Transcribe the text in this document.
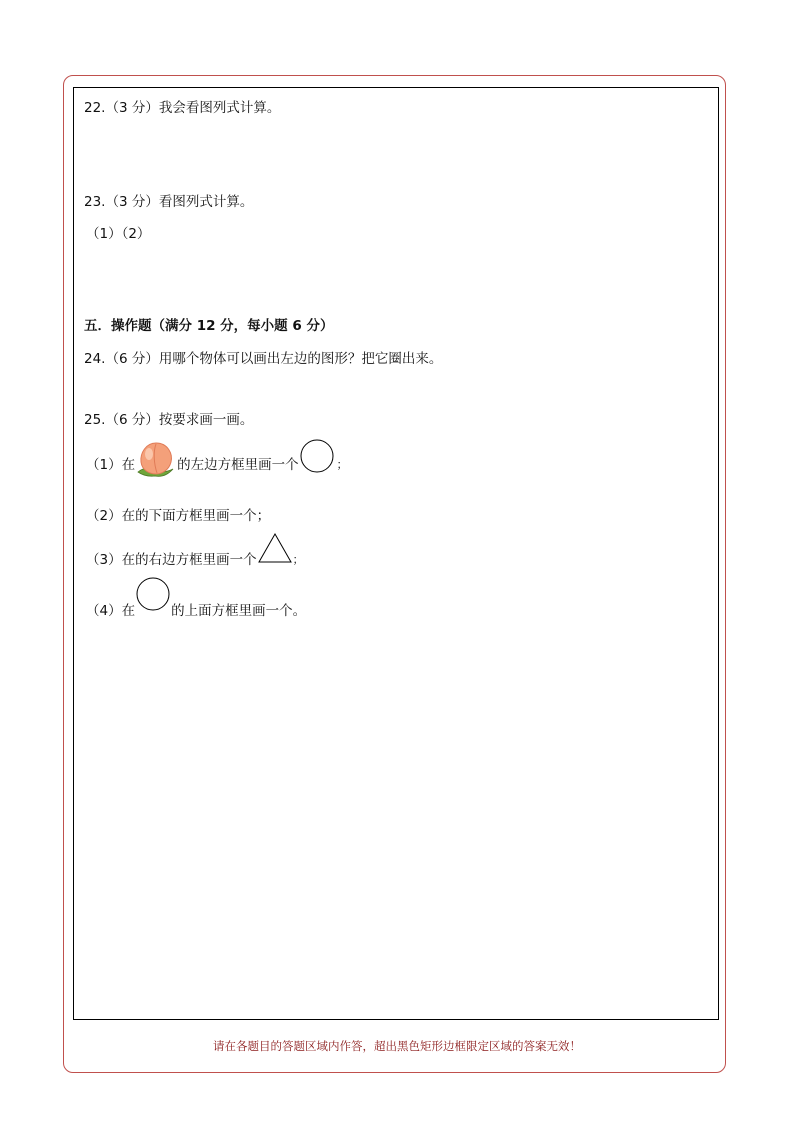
22.（3 分）我会看图列式计算。
23.（3 分）看图列式计算。
（1）（2）
五．操作题（满分 12 分，每小题 6 分）
24.（6 分）用哪个物体可以画出左边的图形？把它圈出来。
25.（6 分）按要求画一画。
（1）在	的左边方框里画一个	；
（2）在的下面方框里画一个；
（3）在的右边方框里画一个	；
（4）在	的上面方框里画一个。
请在各题目的答题区域内作答，超出黑色矩形边框限定区域的答案无效！
